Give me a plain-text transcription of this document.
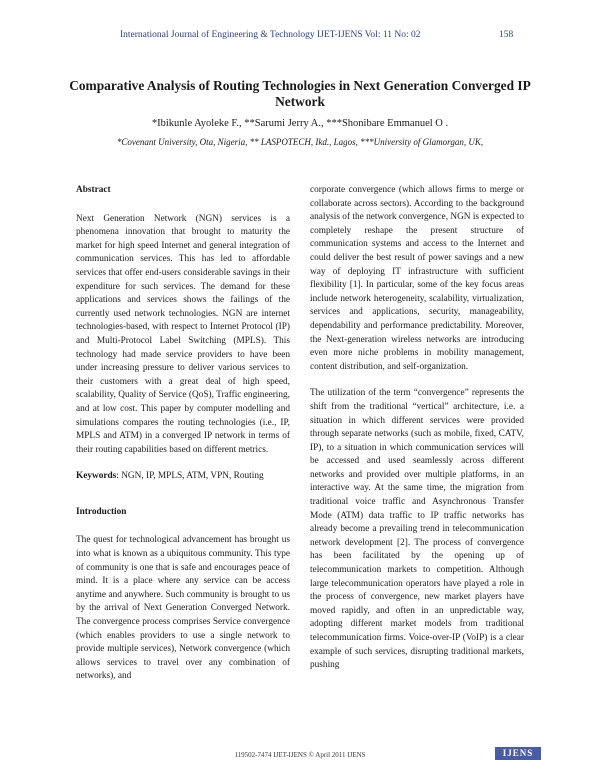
International Journal of Engineering & Technology IJET-IJENS Vol: 11 No: 02	158
Comparative Analysis of Routing Technologies in Next Generation Converged IP Network
*Ibikunle Ayoleke F., **Sarumi Jerry A., ***Shonibare Emmanuel O .
*Covenant University, Ota, Nigeria, ** LASPOTECH, Ikd., Lagos, ***University of Glamorgan, UK,
Abstract

Next Generation Network (NGN) services is a phenomena innovation that brought to maturity the market for high speed Internet and general integration of communication services. This has led to affordable services that offer end-users considerable savings in their expenditure for such services. The demand for these applications and services shows the failings of the currently used network technologies. NGN are internet technologies-based, with respect to Internet Protocol (IP) and Multi-Protocol Label Switching (MPLS). This technology had made service providers to have been under increasing pressure to deliver various services to their customers with a great deal of high speed, scalability, Quality of Service (QoS), Traffic engineering, and at low cost. This paper by computer modelling and simulations compares the routing technologies (i.e., IP, MPLS and ATM) in a converged IP network in terms of their routing capabilities based on different metrics.

Keywords: NGN, IP, MPLS, ATM, VPN, Routing

Introduction

The quest for technological advancement has brought us into what is known as a ubiquitous community. This type of community is one that is safe and encourages peace of mind. It is a place where any service can be access anytime and anywhere. Such community is brought to us by the arrival of Next Generation Converged Network. The convergence process comprises Service convergence (which enables providers to use a single network to provide multiple services), Network convergence (which allows services to travel over any combination of networks), and

corporate convergence (which allows firms to merge or collaborate across sectors). According to the background analysis of the network convergence, NGN is expected to completely reshape the present structure of communication systems and access to the Internet and could deliver the best result of power savings and a new way of deploying IT infrastructure with sufficient flexibility [1]. In particular, some of the key focus areas include network heterogeneity, scalability, virtualization, services and applications, security, manageability, dependability and performance predictability. Moreover, the Next-generation wireless networks are introducing even more niche problems in mobility management, content distribution, and self-organization.

The utilization of the term “convergence” represents the shift from the traditional “vertical” architecture, i.e. a situation in which different services were provided through separate networks (such as mobile, fixed, CATV, IP), to a situation in which communication services will be accessed and used seamlessly across different networks and provided over multiple platforms, in an interactive way. At the same time, the migration from traditional voice traffic and Asynchronous Transfer Mode (ATM) data traffic to IP traffic networks has already become a prevailing trend in telecommunication network development [2]. The process of convergence has been facilitated by the opening up of telecommunication markets to competition. Although large telecommunication operators have played a role in the process of convergence, new market players have moved rapidly, and often in an unpredictable way, adopting different market models from traditional telecommunication firms. Voice-over-IP (VoIP) is a clear example of such services, disrupting traditional markets, pushing

119502-7474 IJET-IJENS © April 2011 IJENS	IJENS
